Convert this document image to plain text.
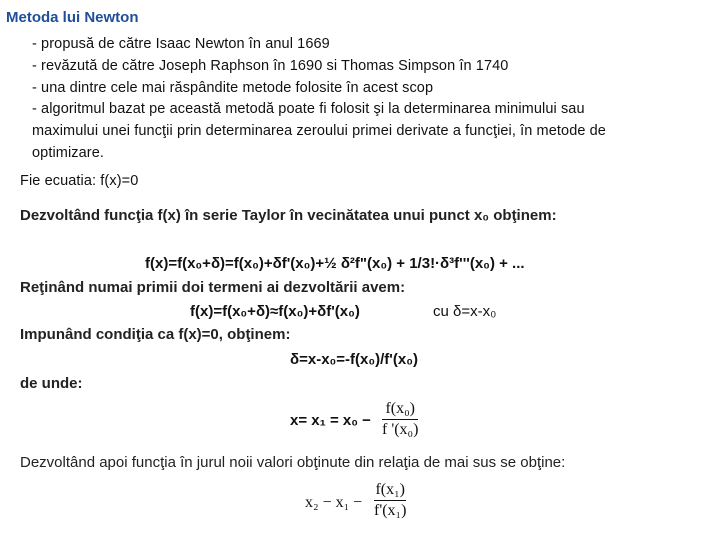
Metoda lui Newton
- propusă de către Isaac Newton în anul 1669
- revăzută de către Joseph Raphson în 1690 si Thomas Simpson în 1740
- una dintre cele mai răspândite metode folosite în acest scop
- algoritmul bazat pe această metodă poate fi folosit şi la determinarea minimului sau
maximului unei funcţii prin determinarea zeroului primei derivate a funcţiei, în metode de
optimizare.
Fie ecuatia: f(x)=0
Dezvoltând funcţia f(x) în serie Taylor în vecinătatea unui punct x₀ obţinem:
f(x)=f(x₀+δ)=f(x₀)+δf'(x₀)+½ δ²f"(x₀) + 1/3!·δ³f'''(x₀) + ...
Reţinând numai primii doi termeni ai dezvoltării avem:
f(x)=f(x₀+δ)≈f(x₀)+δf'(x₀)	cu δ=x-x₀
Impunând condiţia ca f(x)=0, obţinem:
δ=x-x₀=-f(x₀)/f'(x₀)
de unde:
x= x₁ = x₀ −
f(x₀)
f '(x₀)
Dezvoltând apoi funcţia în jurul noii valori obţinute din relaţia de mai sus se obţine:
x₂ − x₁ −
f(x₁)
f'(x₁)
